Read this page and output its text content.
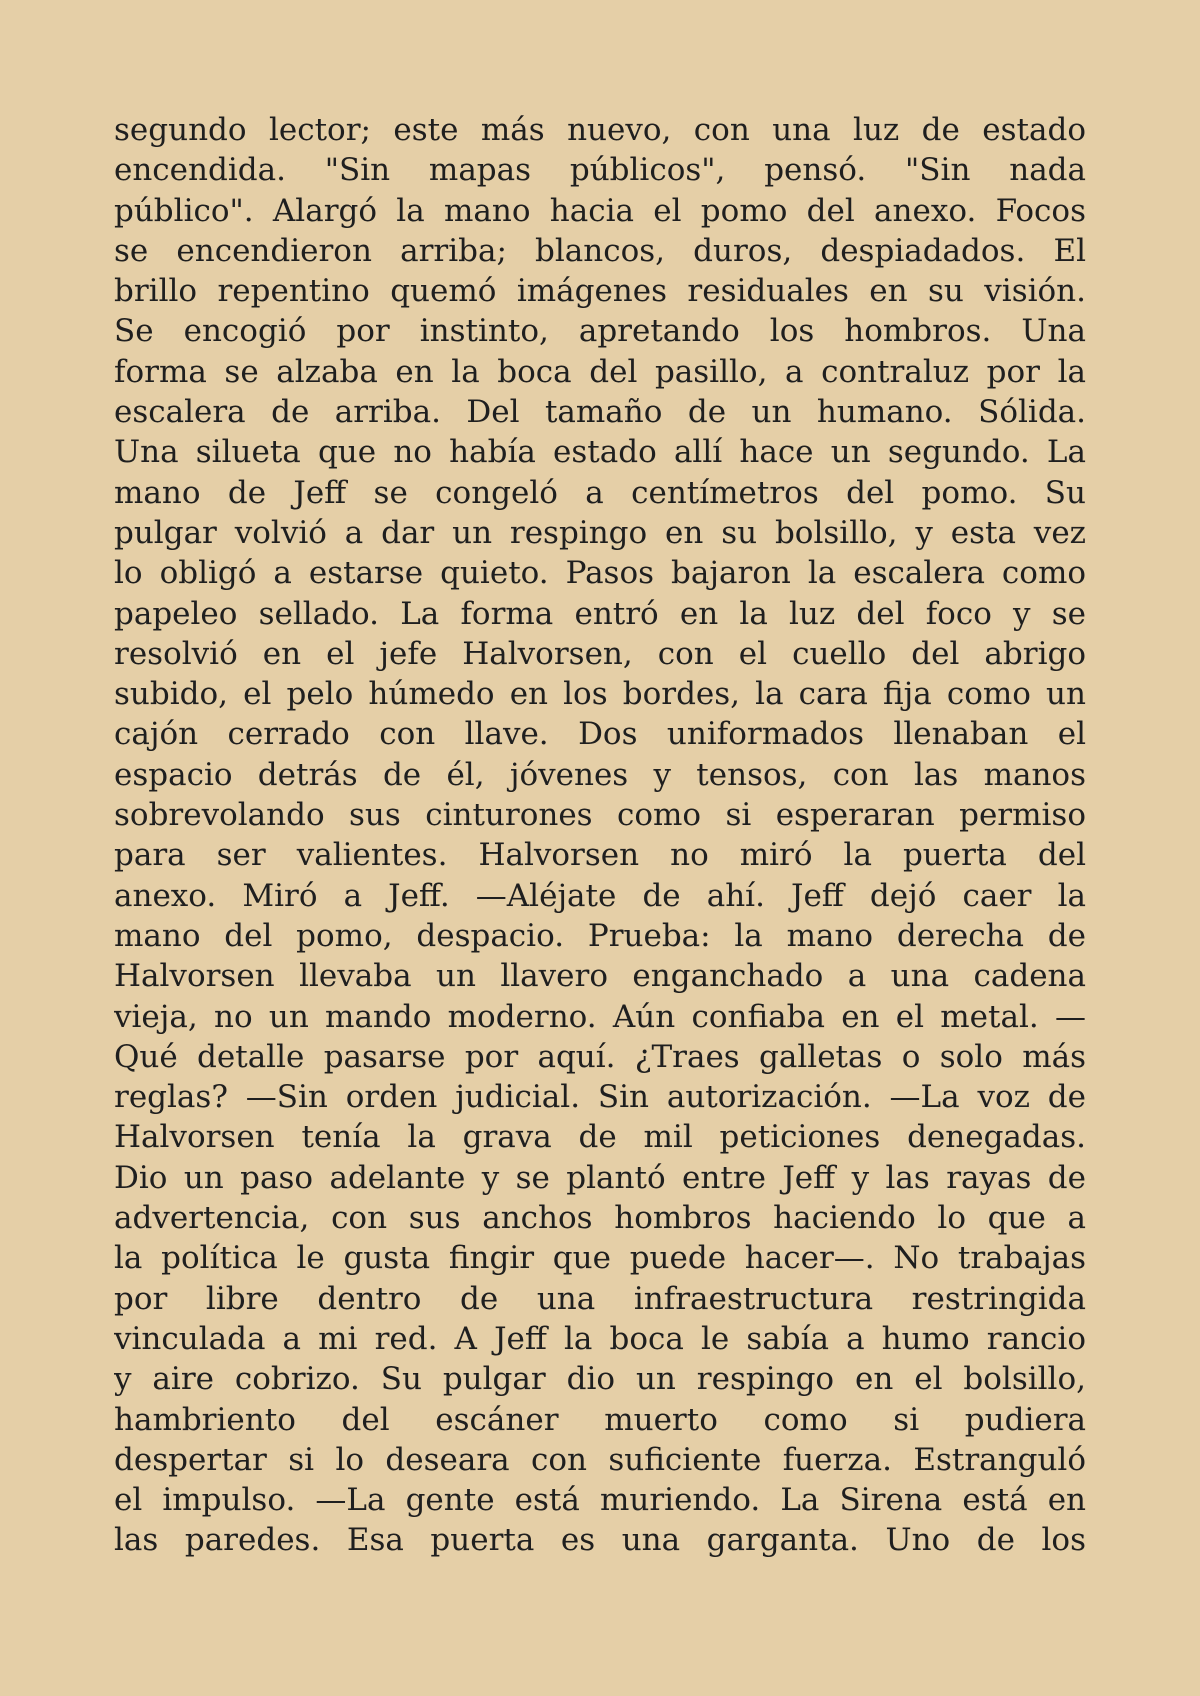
segundo lector; este más nuevo, con una luz de estado
encendida. "Sin mapas públicos", pensó. "Sin nada
público". Alargó la mano hacia el pomo del anexo. Focos
se encendieron arriba; blancos, duros, despiadados. El
brillo repentino quemó imágenes residuales en su visión.
Se encogió por instinto, apretando los hombros. Una
forma se alzaba en la boca del pasillo, a contraluz por la
escalera de arriba. Del tamaño de un humano. Sólida.
Una silueta que no había estado allí hace un segundo. La
mano de Jeff se congeló a centímetros del pomo. Su
pulgar volvió a dar un respingo en su bolsillo, y esta vez
lo obligó a estarse quieto. Pasos bajaron la escalera como
papeleo sellado. La forma entró en la luz del foco y se
resolvió en el jefe Halvorsen, con el cuello del abrigo
subido, el pelo húmedo en los bordes, la cara fija como un
cajón cerrado con llave. Dos uniformados llenaban el
espacio detrás de él, jóvenes y tensos, con las manos
sobrevolando sus cinturones como si esperaran permiso
para ser valientes. Halvorsen no miró la puerta del
anexo. Miró a Jeff. —Aléjate de ahí. Jeff dejó caer la
mano del pomo, despacio. Prueba: la mano derecha de
Halvorsen llevaba un llavero enganchado a una cadena
vieja, no un mando moderno. Aún confiaba en el metal. —
Qué detalle pasarse por aquí. ¿Traes galletas o solo más
reglas? —Sin orden judicial. Sin autorización. —La voz de
Halvorsen tenía la grava de mil peticiones denegadas.
Dio un paso adelante y se plantó entre Jeff y las rayas de
advertencia, con sus anchos hombros haciendo lo que a
la política le gusta fingir que puede hacer—. No trabajas
por libre dentro de una infraestructura restringida
vinculada a mi red. A Jeff la boca le sabía a humo rancio
y aire cobrizo. Su pulgar dio un respingo en el bolsillo,
hambriento del escáner muerto como si pudiera
despertar si lo deseara con suficiente fuerza. Estranguló
el impulso. —La gente está muriendo. La Sirena está en
las paredes. Esa puerta es una garganta. Uno de los
